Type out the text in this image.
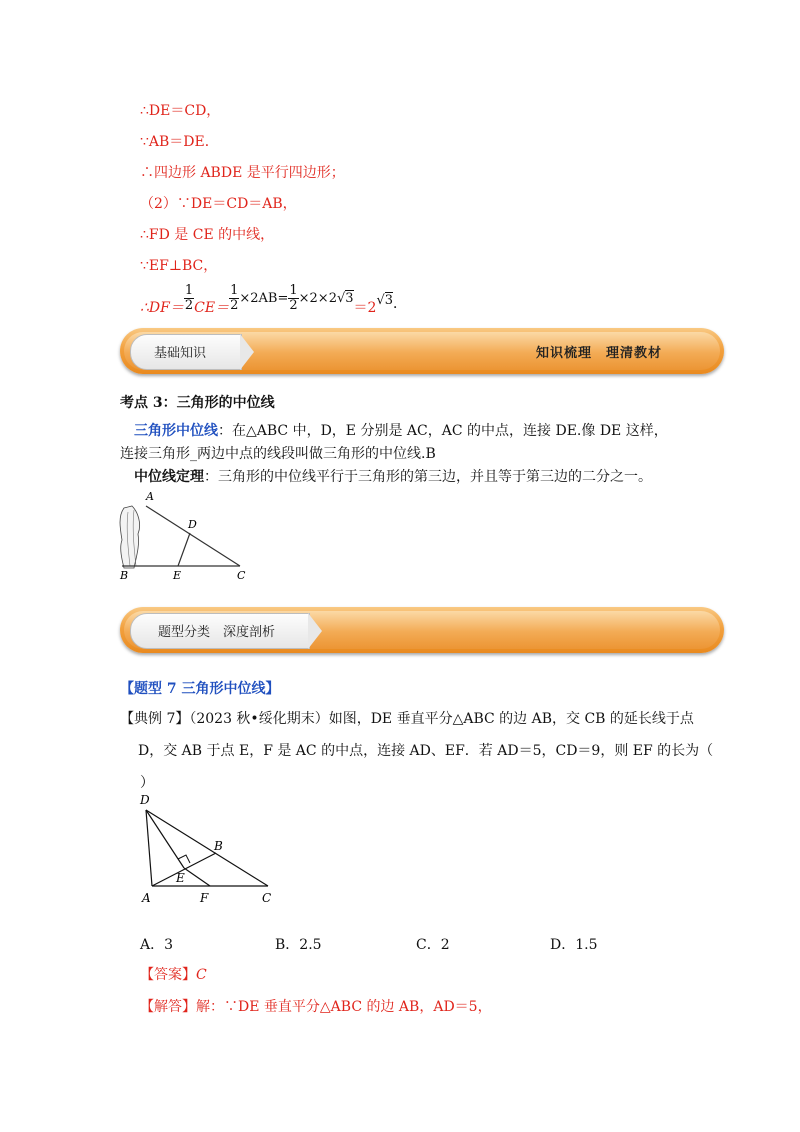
∴DE＝CD，
∵AB＝DE．
∴四边形 ABDE 是平行四边形；
（2）∵DE＝CD＝AB，
∴FD 是 CE 的中线，
∵EF⊥BC，
∴DF＝ $\frac{1}{2} CE= \frac{1}{2} \times 2AB= \frac{1}{2} \times 2\times 2$ √3
＝2 √3 ．
基础知识	知识梳理　理清教材
考点 3：三角形的中位线
三角形中位线：在△ABC 中，D，E 分别是 AC，AC 的中点，连接 DE.像 DE 这样，
连接三角形_两边中点的线段叫做三角形的中位线.B
中位线定理：三角形的中位线平行于三角形的第三边，并且等于第三边的二分之一。
A
D
B	E	C
题型分类　深度剖析
【题型 7 三角形中位线】
【典例 7】（2023 秋•绥化期末）如图，DE 垂直平分△ABC 的边 AB，交 CB 的延长线于点
D，交 AB 于点 E，F 是 AC 的中点，连接 AD、EF．若 AD＝5，CD＝9，则 EF 的长为（
）
D
B
E
A	F	C
A．3	B．2.5	C．2	D．1.5
【答案】C
【解答】解：∵DE 垂直平分△ABC 的边 AB，AD＝5，
